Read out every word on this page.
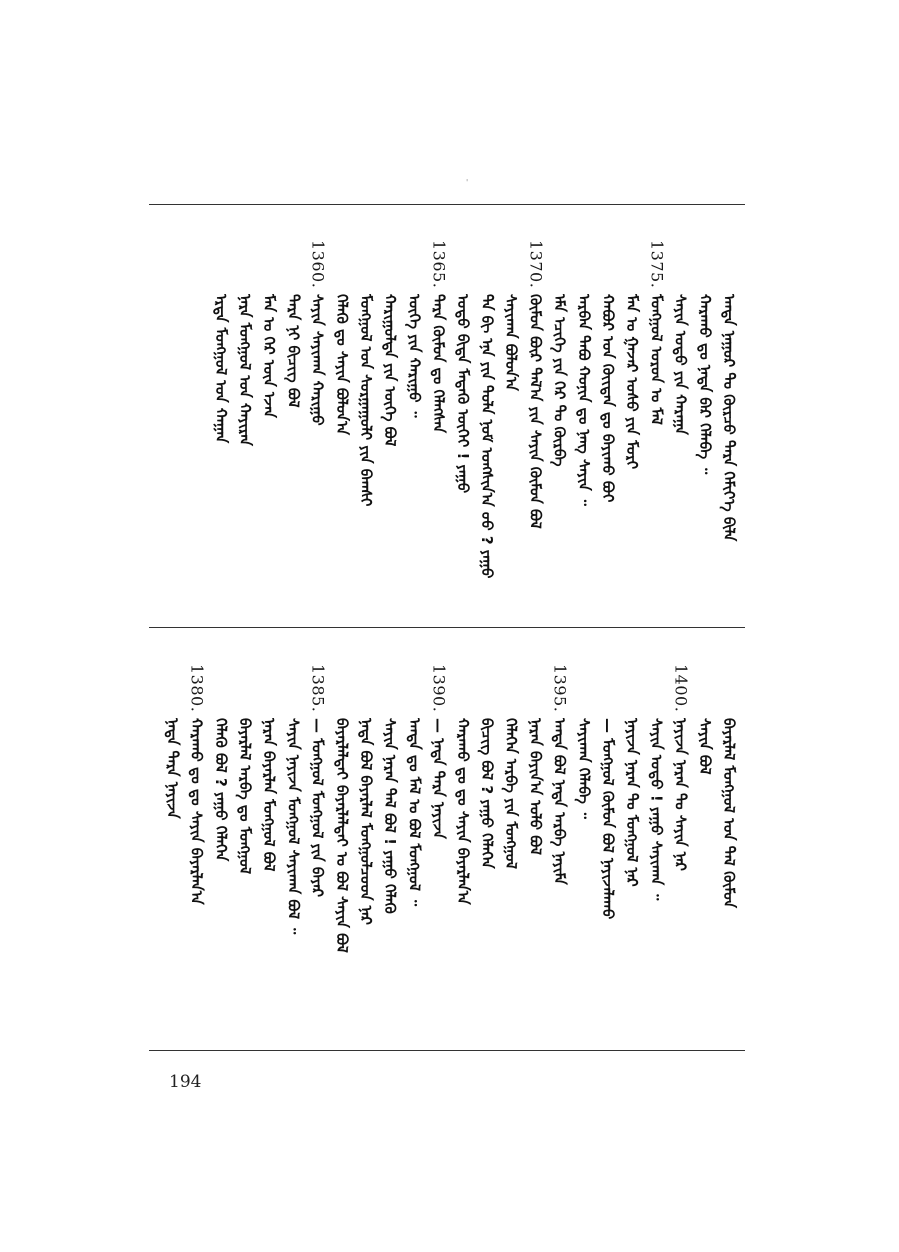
'
ᠠᠨᠳᠠ ᠨᠠᠭᠤᠷ ᠲᠤ ᠬᠦᠷᠴᠦ ᠲᠡᠷᠡ ᠬᠡᠮᠢᠶ᠎ᠡ ᠪᠢᠯᠡ
ᠬᠠᠷᠠᠬᠤ ᠳᠤ ᠨᠠᠳᠠ ᠪᠠᠷ ᠬᠡᠯᠡᠪᠡ ᠃
ᠰᠠᠶᠢᠨ ᠤᠳᠤ ᠶᠢᠨ ᠬᠠᠷᠠᠭᠠ
1375.
ᠮᠣᠩᠭᠣᠯ ᠣᠷᠣᠨ ᠤ ᠮᠠᠯ
ᠮᠠᠨ ᠤ ᠭᠠᠵᠠᠷ ᠤᠰᠤ ᠶᠢᠨ ᠮᠣᠷᠢ
ᠬᠠᠪᠤᠷ ᠤᠨ ᠬᠦᠢᠲᠡᠨ ᠳᠤ ᠪᠠᠶᠢᠬᠤ ᠪᠤᠢ
ᠠᠷᠪᠠᠨ ᠲᠠᠪᠤ ᠬᠣᠨᠢᠨ ᠳᠤ ᠨᠡᠩ ᠰᠠᠶᠢᠨ ᠃
ᠡᠮᠡ ᠡᠴᠢᠭᠡ ᠶᠢᠨ ᠭᠡᠷ ᠲᠤ ᠬᠦᠷᠪᠡ
1370.
ᠬᠦᠮᠦᠨ ᠪᠦᠷ ᠲᠠᠯ᠎ᠠ ᠶᠢᠨ ᠰᠠᠶᠢᠨ ᠬᠦᠮᠦᠨ ᠪᠣᠯ
ᠰᠠᠶᠢᠬᠠᠨ ᠪᠣᠯᠤᠨ᠎ᠠ
ᠲᠠ ᠪᠢ ᠡᠨᠡ ᠶᠢᠨ ᠲᠤᠯᠠ ᠨᠣᠮ ᠤᠩᠰᠢᠨ᠎ᠠ ᠤᠤ ? ᠶᠠᠭᠤ
ᠣᠳᠣ ᠪᠢᠳᠡ ᠮᠠᠳᠡᠬᠦ ᠦᠭᠡᠢ ! ᠶᠠᠭᠤ
1365.
ᠲᠡᠷᠡ ᠬᠦᠮᠦᠨ ᠳᠤ ᠬᠡᠯᠡᠭᠰᠡᠨ
ᠦᠭᠡ ᠶᠢᠨ ᠬᠠᠷᠢᠭᠤ ᠃
ᠬᠠᠷᠢᠭᠤᠯᠲᠠ ᠶᠢᠨ ᠦᠭᠡ ᠪᠣᠯ
ᠮᠣᠩᠭᠣᠯ ᠤᠨ ᠰᠤᠷᠭᠠᠭᠤᠯᠢ ᠶᠢᠨ ᠪᠠᠭᠰᠢ
ᠬᠡᠯᠡᠬᠦ ᠳᠤ ᠰᠠᠶᠢᠨ ᠪᠣᠯᠤᠨ᠎ᠠ
1360.
ᠰᠠᠶᠢᠨ ᠰᠠᠶᠢᠬᠠᠨ ᠬᠠᠷᠢᠭᠤ
ᠲᠡᠷᠡ ᠨᠢ ᠪᠢᠴᠢᠭ ᠪᠣᠯ
ᠮᠠᠨ ᠤ ᠭᠡᠷ ᠦᠨ ᠡᠵᠡᠨ
ᠨᠠᠷᠠ ᠮᠣᠩᠭᠣᠯ ᠤᠨ ᠬᠠᠶᠢᠷᠠᠨ
ᠡᠷᠲᠡ ᠮᠣᠩᠭᠣᠯ ᠤᠨ ᠬᠠᠭᠠᠨ
ᠪᠠᠶᠠᠷᠯᠠᠯ ᠮᠣᠩᠭᠣᠯ ᠤᠨ ᠲᠠᠯ ᠬᠦᠮᠦᠨ
ᠰᠠᠶᠢᠨ ᠪᠣᠯ
1400.
ᠨᠠᠶᠢᠵᠠ ᠨᠠᠷᠠᠨ ᠲᠤ ᠰᠠᠶᠢᠨ ᠨᠠᠷ
ᠰᠠᠶᠢᠨ ᠤᠳᠤ ! ᠶᠠᠭᠤ ᠰᠠᠶᠢᠬᠠᠨ ᠃
ᠨᠠᠶᠢᠵᠠ ᠨᠠᠷᠠᠨ ᠲᠤ ᠮᠣᠩᠭᠣᠯ ᠨᠠᠷ
— ᠮᠣᠩᠭᠣᠯ ᠬᠦᠮᠦᠨ ᠪᠣᠯ ᠨᠠᠶᠢᠵᠠᠯᠠᠬᠤ
ᠰᠠᠶᠢᠬᠠᠨ ᠬᠡᠯᠡᠪᠡ ᠃
1395.
ᠠᠨᠳᠠ ᠪᠣᠯ ᠨᠠᠳᠠ ᠠᠷᠪᠠ ᠨᠠᠶᠢᠮᠠ
ᠨᠠᠷᠠᠨ ᠪᠠᠶᠢᠨ᠎ᠠ ᠤᠯᠤ ᠪᠣᠯ
ᠬᠡᠯᠡᠭᠡᠨ ᠠᠷᠪᠠ ᠶᠢᠨ ᠮᠣᠩᠭᠣᠯ
ᠪᠢᠴᠢᠭ ᠪᠣᠯ ? ᠶᠠᠭᠤ ᠬᠡᠯᠡᠭᠡᠨ
ᠬᠠᠷᠠᠬᠤ ᠳᠤ ᠳᠤ ᠰᠠᠶᠢᠨ ᠪᠠᠶᠠᠷᠯᠠᠨ᠎ᠠ
1390.
— ᠨᠠᠳᠠ ᠲᠡᠷᠡ ᠨᠠᠶᠢᠵᠠ
ᠠᠨᠳᠠ ᠳᠤ ᠮᠠᠯ ᠤ ᠪᠣᠯ ᠮᠣᠩᠭᠣᠯ ᠃
ᠰᠠᠶᠢᠨ ᠨᠠᠷᠠᠨ ᠲᠠᠯ ᠪᠣᠯ ! ᠶᠠᠭᠤ ᠬᠡᠯᠡᠬᠦ
ᠨᠠᠳᠠ ᠪᠣᠯ ᠪᠠᠶᠠᠷᠯᠠᠯ ᠮᠣᠩᠭᠣᠯᠴᠤᠳ ᠨᠠᠷ
ᠪᠠᠶᠠᠷᠯᠠᠯᠲᠠᠢ ᠪᠠᠶᠠᠷᠯᠠᠯᠲᠠᠢ ᠤ ᠪᠣᠯ ᠰᠠᠶᠢᠨ ᠪᠣᠯ
1385.
— ᠮᠣᠩᠭᠣᠯ ᠮᠣᠩᠭᠣᠯ ᠶᠢᠨ ᠪᠠᠶᠠᠷ
ᠰᠠᠶᠢᠨ ᠨᠠᠶᠢᠵᠠ ᠮᠣᠩᠭᠣᠯ ᠰᠠᠶᠢᠬᠠᠨ ᠪᠣᠯ ᠃
ᠨᠠᠷᠠᠨ ᠪᠠᠶᠠᠷᠯᠠᠨ ᠮᠣᠩᠭᠣᠯ ᠪᠣᠯ
ᠪᠠᠶᠠᠷᠯᠠᠯ ᠠᠷᠪᠠ ᠳᠤ ᠮᠣᠩᠭᠣᠯ
ᠬᠡᠯᠡᠬᠦ ᠪᠣᠯ ? ᠶᠠᠭᠤ ᠬᠡᠯᠡᠭᠡᠨ
1380.
ᠬᠠᠷᠠᠬᠤ ᠳᠤ ᠳᠤ ᠰᠠᠶᠢᠨ ᠪᠠᠶᠠᠷᠯᠠᠨ᠎ᠠ
ᠨᠠᠳᠠ ᠲᠡᠷᠡ ᠨᠠᠶᠢᠵᠠ
194
